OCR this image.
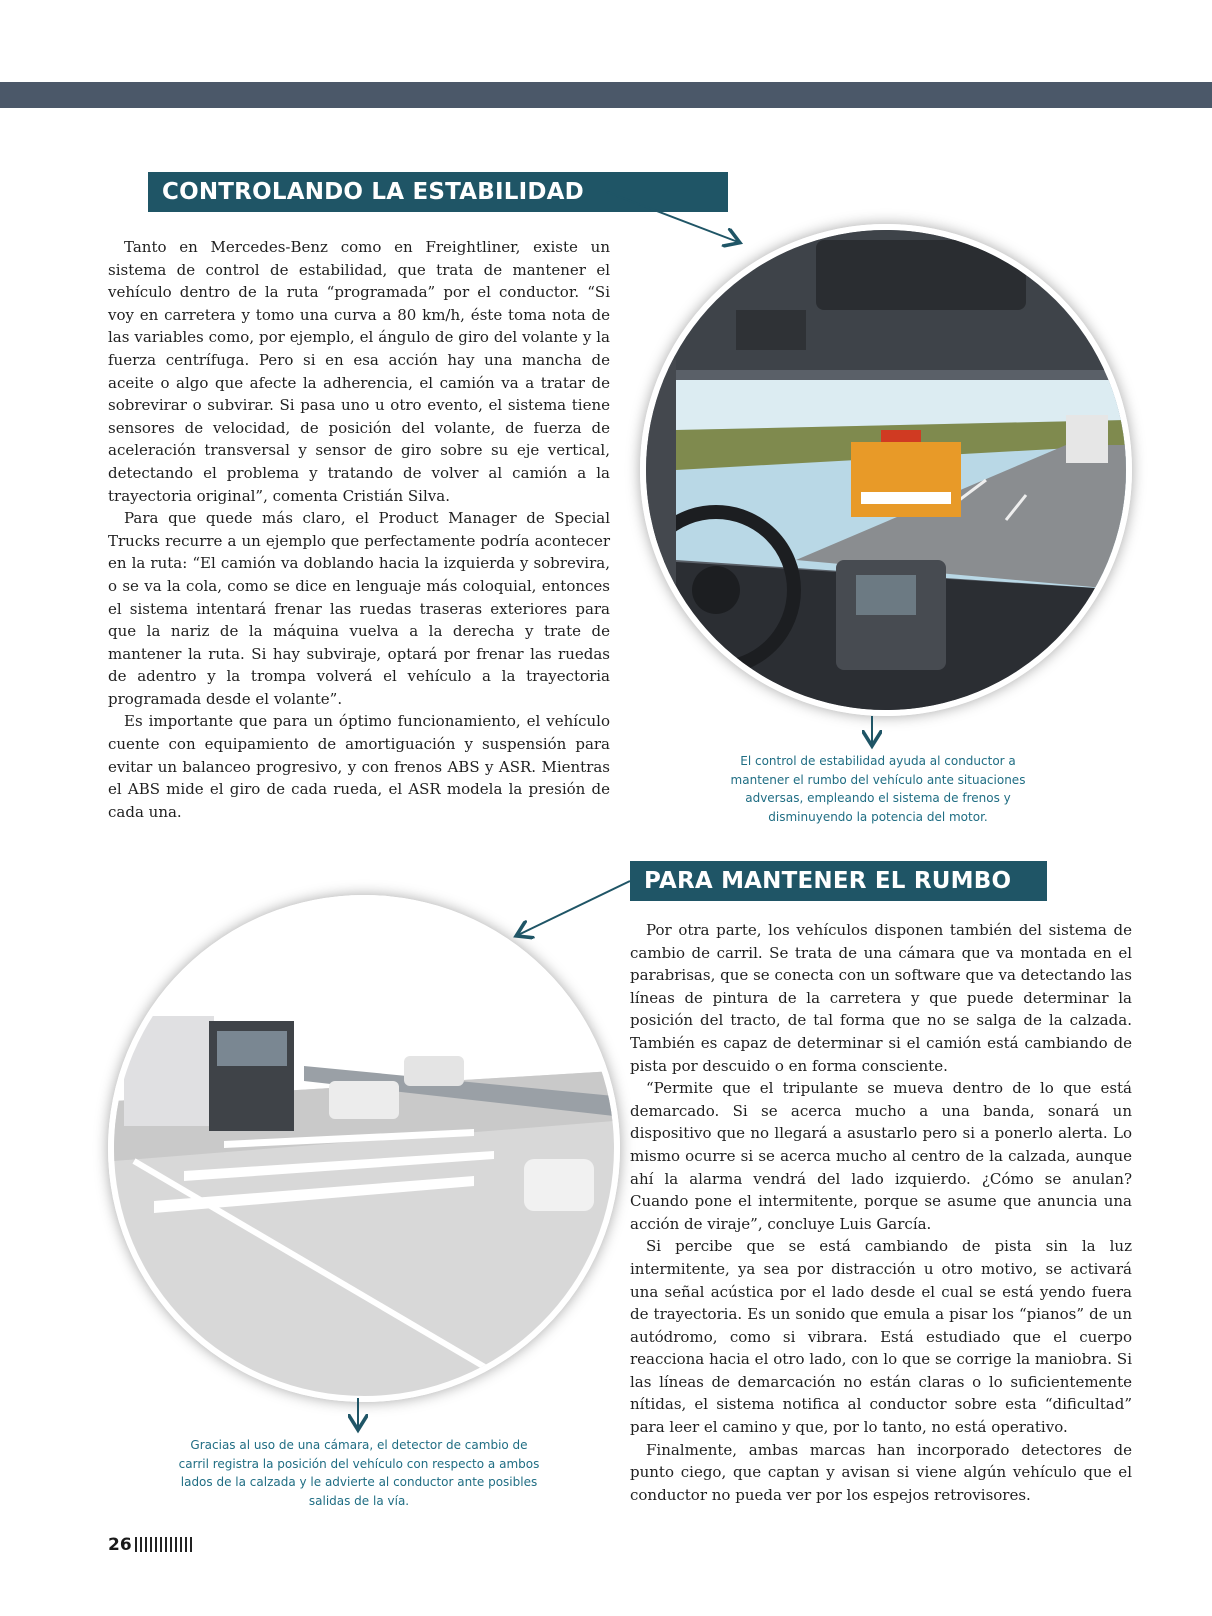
CONTROLANDO LA ESTABILIDAD

Tanto en Mercedes-Benz como en Freightliner, existe un sistema de control de estabilidad, que trata de mantener el vehículo dentro de la ruta “programada” por el conductor. “Si voy en carretera y tomo una curva a 80 km/h, éste toma nota de las variables como, por ejemplo, el ángulo de giro del volante y la fuerza centrífuga. Pero si en esa acción hay una mancha de aceite o algo que afecte la adherencia, el camión va a tratar de sobrevirar o subvirar. Si pasa uno u otro evento, el sistema tiene sensores de velocidad, de posición del volante, de fuerza de aceleración transversal y sensor de giro sobre su eje vertical, detectando el problema y tratando de volver al camión a la trayectoria original”, comenta Cristián Silva.

Para que quede más claro, el Product Manager de Special Trucks recurre a un ejemplo que perfectamente podría acontecer en la ruta: “El camión va doblando hacia la izquierda y sobrevira, o se va la cola, como se dice en lenguaje más coloquial, entonces el sistema intentará frenar las ruedas traseras exteriores para que la nariz de la máquina vuelva a la derecha y trate de mantener la ruta. Si hay subviraje, optará por frenar las ruedas de adentro y la trompa volverá el vehículo a la trayectoria programada desde el volante”.

Es importante que para un óptimo funcionamiento, el vehículo cuente con equipamiento de amortiguación y suspensión para evitar un balanceo progresivo, y con frenos ABS y ASR. Mientras el ABS mide el giro de cada rueda, el ASR modela la presión de cada una.

El control de estabilidad ayuda al conductor a mantener el rumbo del vehículo ante situaciones adversas, empleando el sistema de frenos y disminuyendo la potencia del motor.
PARA MANTENER EL RUMBO

Por otra parte, los vehículos disponen también del sistema de cambio de carril. Se trata de una cámara que va montada en el parabrisas, que se conecta con un software que va detectando las líneas de pintura de la carretera y que puede determinar la posición del tracto, de tal forma que no se salga de la calzada. También es capaz de determinar si el camión está cambiando de pista por descuido o en forma consciente.

“Permite que el tripulante se mueva dentro de lo que está demarcado. Si se acerca mucho a una banda, sonará un dispositivo que no llegará a asustarlo pero si a ponerlo alerta. Lo mismo ocurre si se acerca mucho al centro de la calzada, aunque ahí la alarma vendrá del lado izquierdo. ¿Cómo se anulan? Cuando pone el intermitente, porque se asume que anuncia una acción de viraje”, concluye Luis García.

Si percibe que se está cambiando de pista sin la luz intermitente, ya sea por distracción u otro motivo, se activará una señal acústica por el lado desde el cual se está yendo fuera de trayectoria. Es un sonido que emula a pisar los “pianos” de un autódromo, como si vibrara. Está estudiado que el cuerpo reacciona hacia el otro lado, con lo que se corrige la maniobra. Si las líneas de demarcación no están claras o lo suficientemente nítidas, el sistema notifica al conductor sobre esta “dificultad” para leer el camino y que, por lo tanto, no está operativo.

Finalmente, ambas marcas han incorporado detectores de punto ciego, que captan y avisan si viene algún vehículo que el conductor no pueda ver por los espejos retrovisores.

Gracias al uso de una cámara, el detector de cambio de carril registra la posición del vehículo con respecto a ambos lados de la calzada y le advierte al conductor ante posibles salidas de la vía.
26
